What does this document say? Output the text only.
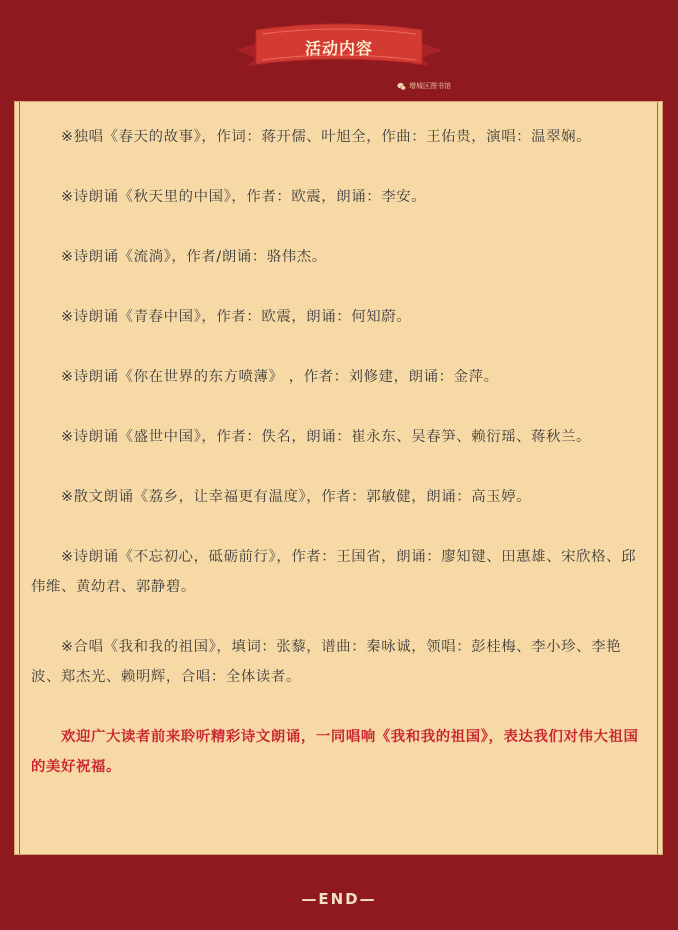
活动内容
增城区图书馆

※独唱《春天的故事》，作词：蒋开儒、叶旭全，作曲：王佑贵，演唱：温翠娴。

※诗朗诵《秋天里的中国》，作者：欧震，朗诵：李安。

※诗朗诵《流淌》，作者/朗诵：骆伟杰。

※诗朗诵《青春中国》，作者：欧震，朗诵：何知蔚。

※诗朗诵《你在世界的东方喷薄》 ，作者：刘修建，朗诵：金萍。

※诗朗诵《盛世中国》，作者：佚名，朗诵：崔永东、吴春笋、赖衍瑶、蒋秋兰。

※散文朗诵《荔乡，让幸福更有温度》，作者：郭敏健，朗诵：高玉婷。

※诗朗诵《不忘初心，砥砺前行》，作者：王国省，朗诵：廖知键、田惠雄、宋欣格、邱伟维、黄幼君、郭静碧。

※合唱《我和我的祖国》，填词：张藜，谱曲：秦咏诚，领唱：彭桂梅、李小珍、李艳波、郑杰光、赖明辉，合唱：全体读者。

欢迎广大读者前来聆听精彩诗文朗诵，一同唱响《我和我的祖国》，表达我们对伟大祖国的美好祝福。

—END—
